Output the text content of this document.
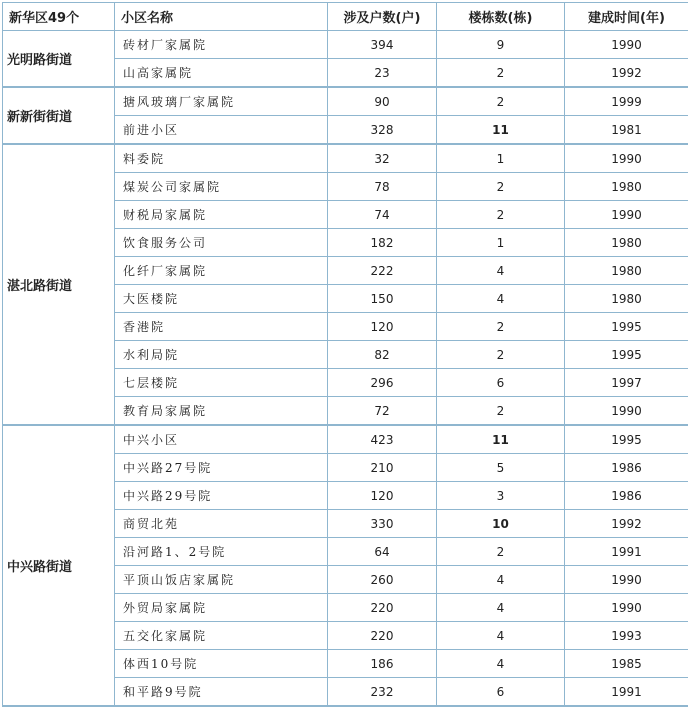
新华区49个	小区名称	涉及户数(户)	楼栋数(栋)	建成时间(年)
光明路街道	砖材厂家属院	394	9	1990
	山高家属院	23	2	1992
新新街街道	搪风玻璃厂家属院	90	2	1999
	前进小区	328	11	1981
湛北路街道	料委院	32	1	1990
	煤炭公司家属院	78	2	1980
	财税局家属院	74	2	1990
	饮食服务公司	182	1	1980
	化纤厂家属院	222	4	1980
	大医楼院	150	4	1980
	香港院	120	2	1995
	水利局院	82	2	1995
	七层楼院	296	6	1997
	教育局家属院	72	2	1990
中兴路街道	中兴小区	423	11	1995
	中兴路27号院	210	5	1986
	中兴路29号院	120	3	1986
	商贸北苑	330	10	1992
	沿河路1、2号院	64	2	1991
	平顶山饭店家属院	260	4	1990
	外贸局家属院	220	4	1990
	五交化家属院	220	4	1993
	体西10号院	186	4	1985
	和平路9号院	232	6	1991
